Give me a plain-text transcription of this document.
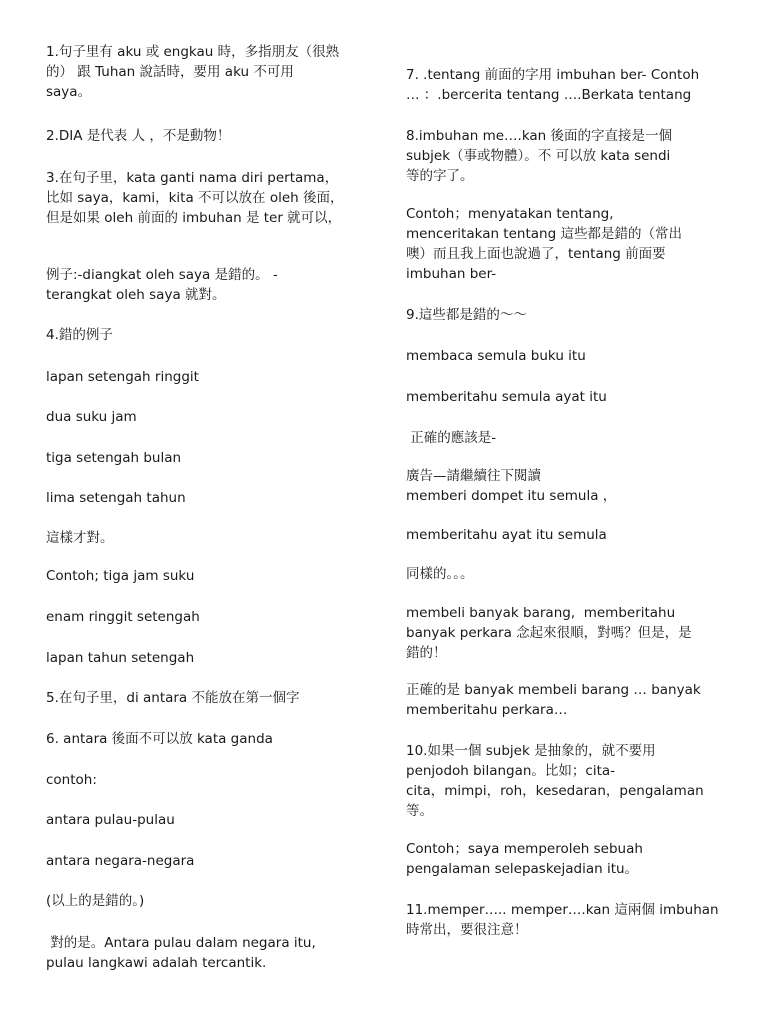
1.句子里有 aku 或 engkau 時，多指朋友（很熟
的） 跟 Tuhan 說話時，要用 aku 不可用
saya。
2.DIA 是代表 人 ，不是動物！
3.在句子里，kata ganti nama diri pertama，
比如 saya，kami，kita 不可以放在 oleh 後面，
但是如果 oleh 前面的 imbuhan 是 ter 就可以，
例子:-diangkat oleh saya 是錯的。 -
terangkat oleh saya 就對。
4.錯的例子
lapan setengah ringgit
dua suku jam
tiga setengah bulan
lima setengah tahun
這樣才對。
Contoh; tiga jam suku
enam ringgit setengah
lapan tahun setengah
5.在句子里，di antara 不能放在第一個字
6. antara 後面不可以放 kata ganda
contoh:
antara pulau-pulau
antara negara-negara
(以上的是錯的。)
對的是。Antara pulau dalam negara itu,
pulau langkawi adalah tercantik.
7. .tentang 前面的字用 imbuhan ber- Contoh
… ：.bercerita tentang ….Berkata tentang
8.imbuhan me….kan 後面的字直接是一個
subjek（事或物體）。不 可以放 kata sendi
等的字了。
Contoh；menyatakan tentang,
menceritakan tentang 這些都是錯的（常出
噢）而且我上面也說過了，tentang 前面要
imbuhan ber-
9.這些都是錯的～～
membaca semula buku itu
memberitahu semula ayat itu
正確的應該是-
廣告—請繼續往下閱讀
memberi dompet itu semula ，
memberitahu ayat itu semula
同樣的。。。
membeli banyak barang,  memberitahu
banyak perkara 念起來很順，對嗎？但是，是
錯的！
正確的是 banyak membeli barang … banyak
memberitahu perkara…
10.如果一個 subjek 是抽象的，就不要用
penjodoh bilangan。比如；cita-
cita，mimpi，roh，kesedaran，pengalaman
等。
Contoh；saya memperoleh sebuah
pengalaman selepaskejadian itu。
11.memper….. memper….kan 這兩個 imbuhan
時常出，要很注意！
